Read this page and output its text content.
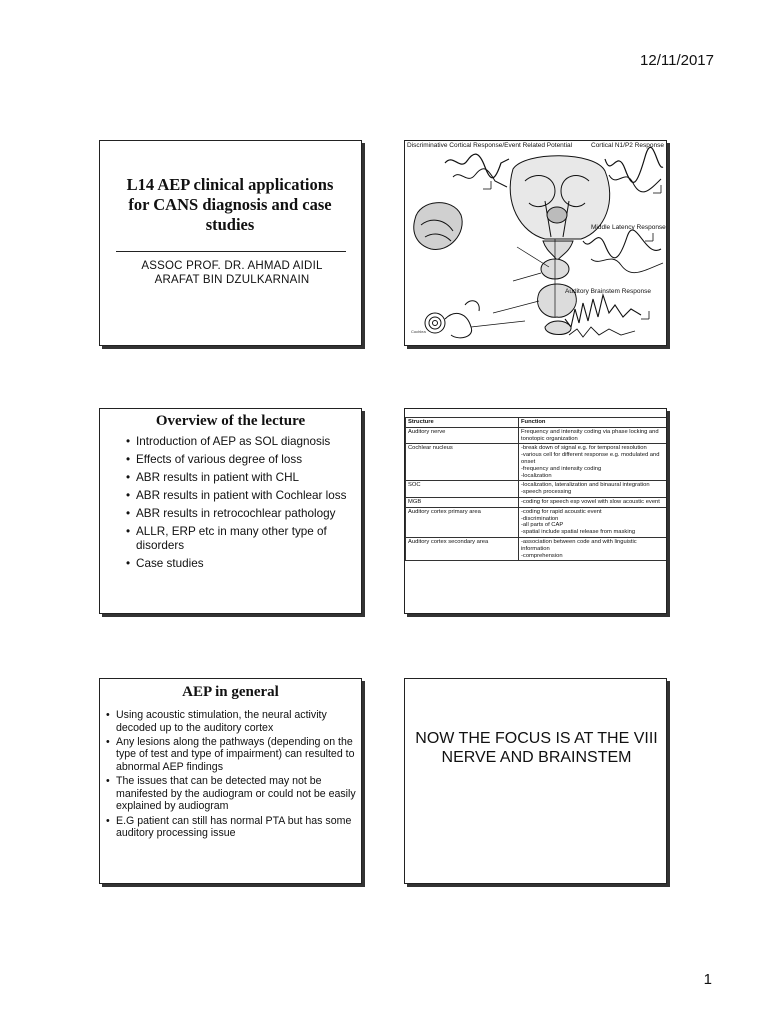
12/11/2017
L14 AEP clinical applications for CANS diagnosis and case studies
ASSOC PROF. DR. AHMAD AIDIL
ARAFAT BIN DZULKARNAIN
Discriminative Cortical Response/Event Related Potential	Cortical N1/P2 Response
Middle Latency Response
Auditory Brainstem Response
Cochlea
Overview of the lecture
• Introduction of AEP as SOL diagnosis
• Effects of various degree of loss
• ABR results in patient with CHL
• ABR results in patient with Cochlear loss
• ABR results in retrocochlear pathology
• ALLR, ERP etc in many other type of disorders
• Case studies
Structure	Function
Auditory nerve	Frequency and intensity coding via phase locking and tonotopic organization
Cochlear nucleus	-break down of signal e.g. for temporal resolution
-various cell for different response e.g. modulated and onset
-frequency and intensity coding
-localization
SOC	-localization, lateralization and binaural integration
-speech processing
MGB	-coding for speech esp vowel with slow acoustic event
Auditory cortex primary area	-coding for rapid acoustic event
-discrimination
-all parts of CAP
-spatial include spatial release from masking
Auditory cortex secondary area	-association between code and with linguistic information
-comprehension
AEP in general
• Using acoustic stimulation, the neural activity decoded up to the auditory cortex
• Any lesions along the pathways (depending on the type of test and type of impairment) can resulted to abnormal AEP findings
• The issues that can be detected may not be manifested by the audiogram or could not be easily explained by audiogram
• E.G patient can still has normal PTA but has some auditory processing issue
NOW THE FOCUS IS AT THE VIII NERVE AND BRAINSTEM
1
